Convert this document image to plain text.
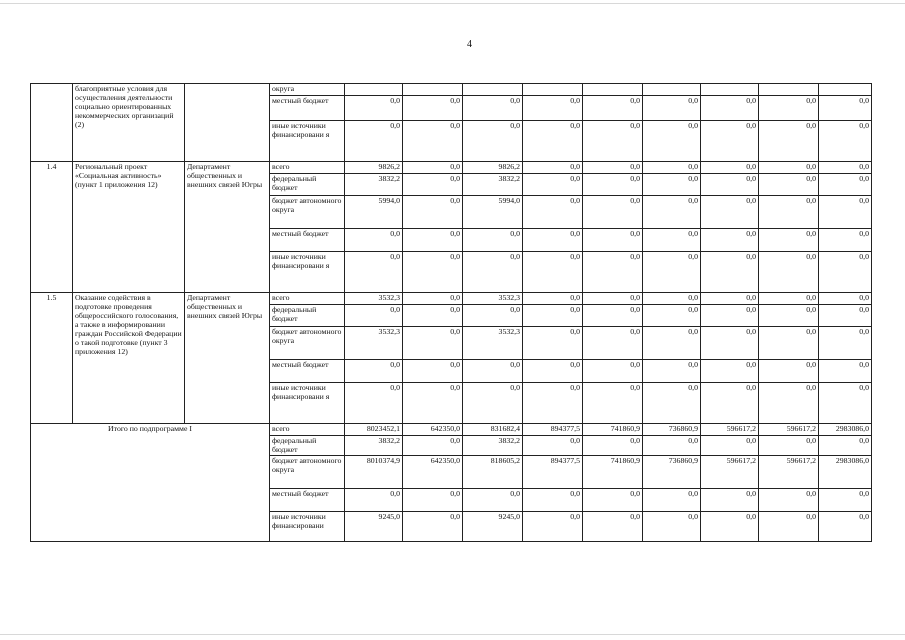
4
	благоприятные условия для осуществления деятельности социально ориентированных некоммерческих организаций (2)		округа									
			местный бюджет	0,0	0,0	0,0	0,0	0,0	0,0	0,0	0,0	0,0
			иные источники финансировани я	0,0	0,0	0,0	0,0	0,0	0,0	0,0	0,0	0,0
1.4	Региональный проект «Социальная активность» (пункт 1 приложения 12)	Департамент общественных и внешних связей Югры	всего	9826,2	0,0	9826,2	0,0	0,0	0,0	0,0	0,0	0,0
			федеральный бюджет	3832,2	0,0	3832,2	0,0	0,0	0,0	0,0	0,0	0,0
			бюджет автономного округа	5994,0	0,0	5994,0	0,0	0,0	0,0	0,0	0,0	0,0
			местный бюджет	0,0	0,0	0,0	0,0	0,0	0,0	0,0	0,0	0,0
			иные источники финансировани я	0,0	0,0	0,0	0,0	0,0	0,0	0,0	0,0	0,0
1.5	Оказание содействия в подготовке проведения общероссийского голосования, а также в информировании граждан Российской Федерации о такой подготовке (пункт 3 приложения 12)	Департамент общественных и внешних связей Югры	всего	3532,3	0,0	3532,3	0,0	0,0	0,0	0,0	0,0	0,0
			федеральный бюджет	0,0	0,0	0,0	0,0	0,0	0,0	0,0	0,0	0,0
			бюджет автономного округа	3532,3	0,0	3532,3	0,0	0,0	0,0	0,0	0,0	0,0
			местный бюджет	0,0	0,0	0,0	0,0	0,0	0,0	0,0	0,0	0,0
			иные источники финансировани я	0,0	0,0	0,0	0,0	0,0	0,0	0,0	0,0	0,0
Итого по подпрограмме I			всего	8023452,1	642350,0	831682,4	894377,5	741860,9	736860,9	596617,2	596617,2	2983086,0
			федеральный бюджет	3832,2	0,0	3832,2	0,0	0,0	0,0	0,0	0,0	0,0
			бюджет автономного округа	8010374,9	642350,0	818605,2	894377,5	741860,9	736860,9	596617,2	596617,2	2983086,0
			местный бюджет	0,0	0,0	0,0	0,0	0,0	0,0	0,0	0,0	0,0
			иные источники финансировани	9245,0	0,0	9245,0	0,0	0,0	0,0	0,0	0,0	0,0
